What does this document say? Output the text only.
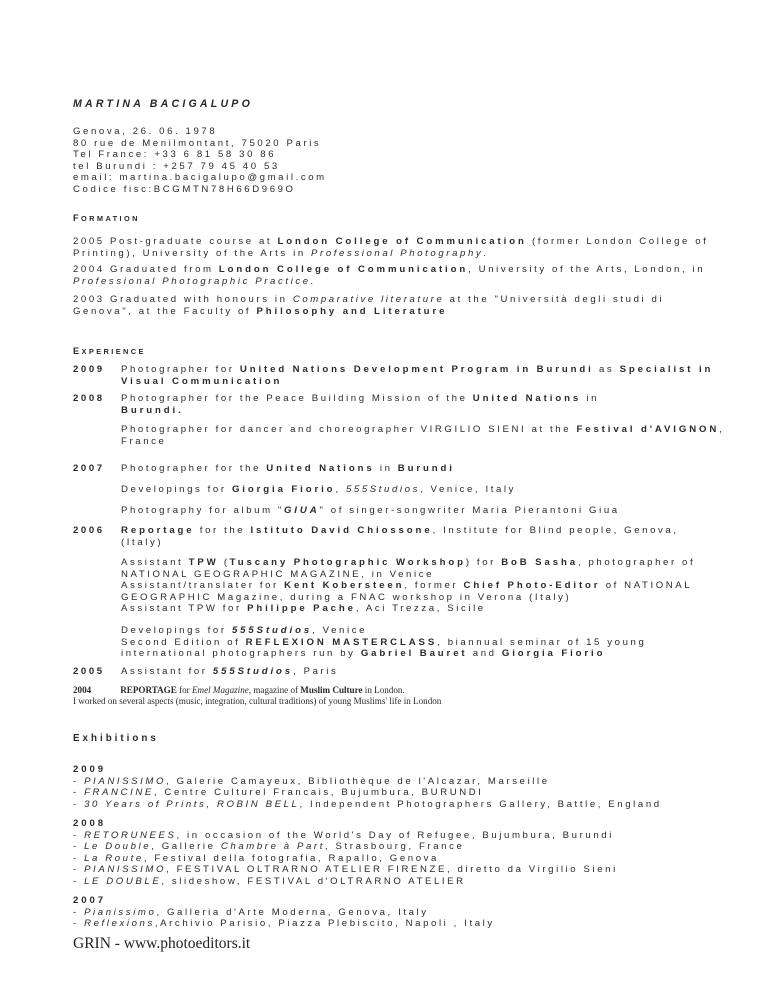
MARTINA BACIGALUPO
Genova, 26. 06. 1978
80 rue de Menilmontant, 75020 Paris
Tel France: +33 6 81 58 30 86
tel Burundi : +257 79 45 40 53
email: martina.bacigalupo@gmail.com
Codice fisc:BCGMTN78H66D969O
FORMATION
2005 Post-graduate course at London College of Communication (former London College of
Printing), University of the Arts in Professional Photography.
2004 Graduated from London College of Communication, University of the Arts, London, in
Professional Photographic Practice.
2003 Graduated with honours in Comparative literature at the "Università degli studi di
Genova", at the Faculty of Philosophy and Literature
EXPERIENCE
2009 Photographer for United Nations Development Program in Burundi as Specialist in
Visual Communication
2008 Photographer for the Peace Building Mission of the United Nations in
Burundi.
Photographer for dancer and choreographer VIRGILIO SIENI at the Festival d'AVIGNON,
France
2007 Photographer for the United Nations in Burundi
Developings for Giorgia Fiorio, 555Studios, Venice, Italy
Photography for album "GIUA" of singer-songwriter Maria Pierantoni Giua
2006 Reportage for the Istituto David Chiossone, Institute for Blind people, Genova,
(Italy)
Assistant TPW (Tuscany Photographic Workshop) for BoB Sasha, photographer of
NATIONAL GEOGRAPHIC MAGAZINE, in Venice
Assistant/translater for Kent Kobersteen, former Chief Photo-Editor of NATIONAL
GEOGRAPHIC Magazine, during a FNAC workshop in Verona (Italy)
Assistant TPW for Philippe Pache, Aci Trezza, Sicile
Developings for 555Studios, Venice
Second Edition of REFLEXION MASTERCLASS, biannual seminar of 15 young
international photographers run by Gabriel Bauret and Giorgia Fiorio
2005 Assistant for 555Studios, Paris
2004	REPORTAGE for Emel Magazine, magazine of Muslim Culture in London.
I worked on several aspects (music, integration, cultural traditions) of young Muslims' life in London
Exhibitions
2009
- PIANISSIMO, Galerie Camayeux, Bibliothèque de l'Alcazar, Marseille
- FRANCINE, Centre Culturel Francais, Bujumbura, BURUNDI
- 30 Years of Prints, ROBIN BELL, Independent Photographers Gallery, Battle, England
2008
- RETORUNEES, in occasion of the World's Day of Refugee, Bujumbura, Burundi
- Le Double, Gallerie Chambre à Part, Strasbourg, France
- La Route, Festival della fotografia, Rapallo, Genova
- PIANISSIMO, FESTIVAL OLTRARNO ATELIER FIRENZE, diretto da Virgilio Sieni
- LE DOUBLE, slideshow, FESTIVAL d'OLTRARNO ATELIER
2007
- Pianissimo, Galleria d'Arte Moderna, Genova, Italy
- Reflexions,Archivio Parisio, Piazza Plebiscito, Napoli , Italy
GRIN - www.photoeditors.it
